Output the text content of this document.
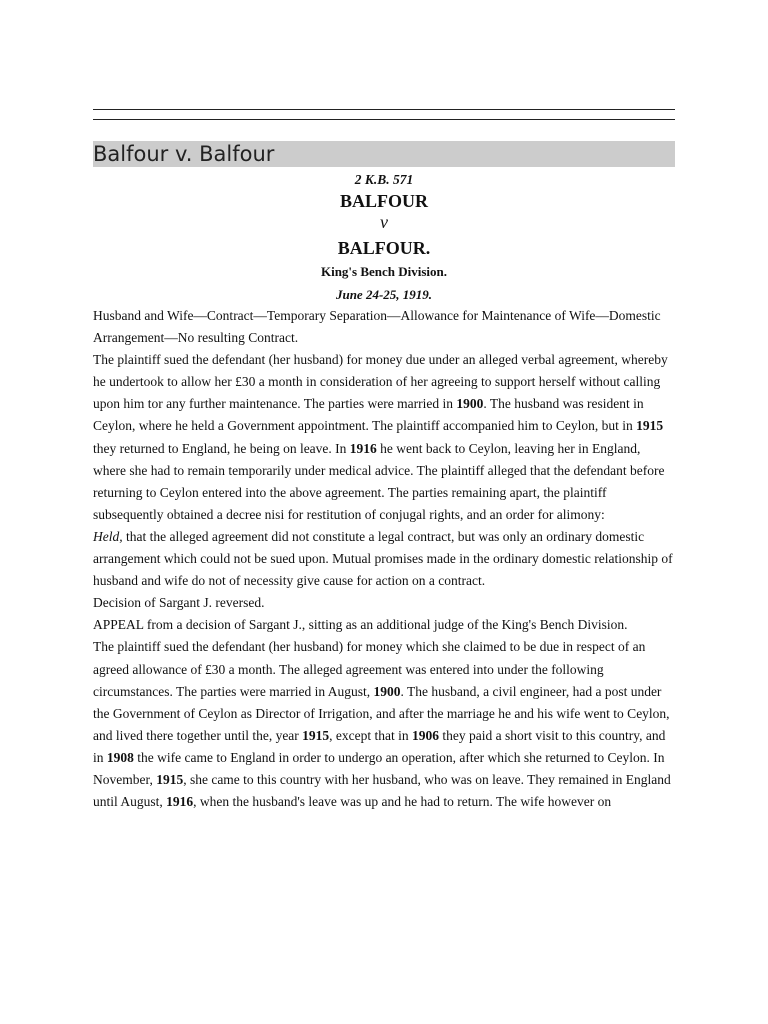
Balfour v. Balfour
2 K.B. 571
BALFOUR
v
BALFOUR.
King's Bench Division.
June 24-25, 1919.

Husband and Wife—Contract—Temporary Separation—Allowance for Maintenance of Wife—Domestic Arrangement—No resulting Contract.

The plaintiff sued the defendant (her husband) for money due under an alleged verbal agreement, whereby he undertook to allow her £30 a month in consideration of her agreeing to support herself without calling upon him tor any further maintenance. The parties were married in 1900. The husband was resident in Ceylon, where he held a Government appointment. The plaintiff accompanied him to Ceylon, but in 1915 they returned to England, he being on leave. In 1916 he went back to Ceylon, leaving her in England, where she had to remain temporarily under medical advice. The plaintiff alleged that the defendant before returning to Ceylon entered into the above agreement. The parties remaining apart, the plaintiff subsequently obtained a decree nisi for restitution of conjugal rights, and an order for alimony:

Held, that the alleged agreement did not constitute a legal contract, but was only an ordinary domestic arrangement which could not be sued upon. Mutual promises made in the ordinary domestic relationship of husband and wife do not of necessity give cause for action on a contract.

Decision of Sargant J. reversed.

APPEAL from a decision of Sargant J., sitting as an additional judge of the King's Bench Division.

The plaintiff sued the defendant (her husband) for money which she claimed to be due in respect of an agreed allowance of £30 a month. The alleged agreement was entered into under the following circumstances. The parties were married in August, 1900. The husband, a civil engineer, had a post under the Government of Ceylon as Director of Irrigation, and after the marriage he and his wife went to Ceylon, and lived there together until the, year 1915, except that in 1906 they paid a short visit to this country, and in 1908 the wife came to England in order to undergo an operation, after which she returned to Ceylon. In November, 1915, she came to this country with her husband, who was on leave. They remained in England until August, 1916, when the husband's leave was up and he had to return. The wife however on
